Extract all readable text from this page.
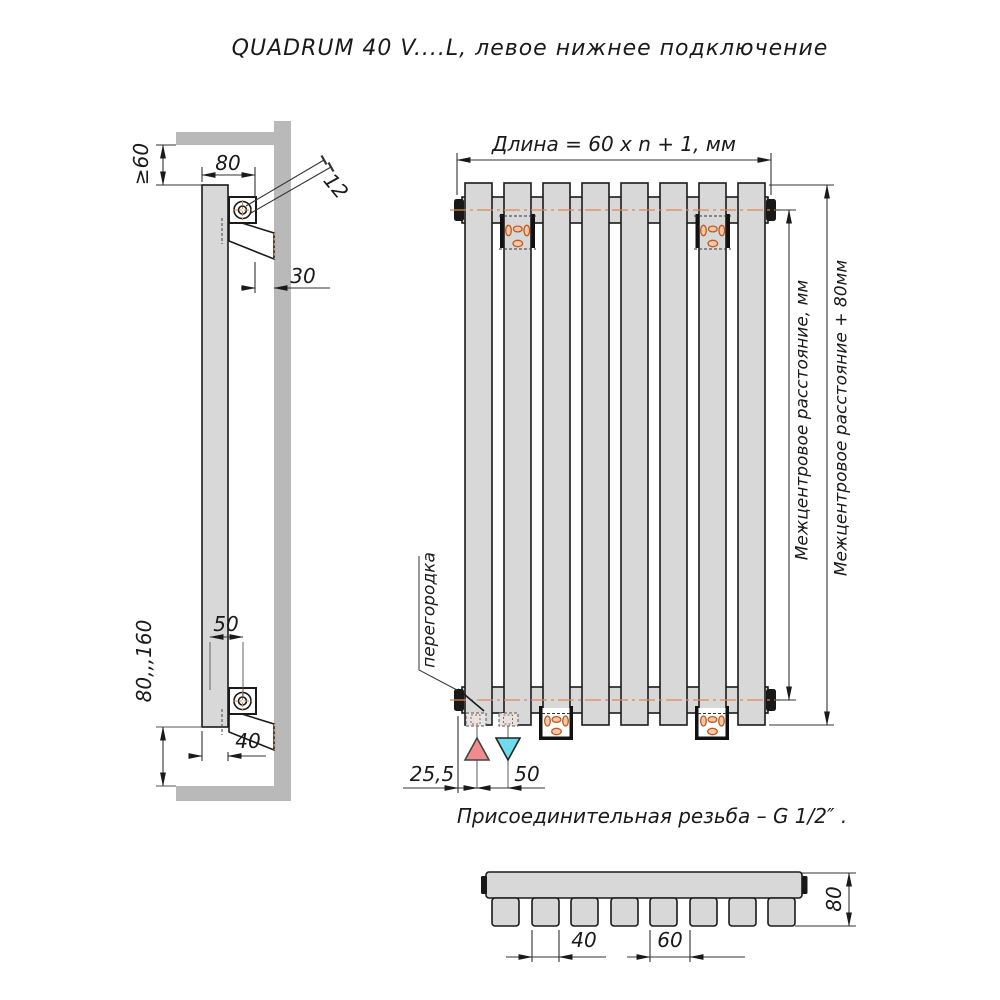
QUADRUM 40 V....L, левое нижнее подключение
≥60	80
12
30
50
40
80,,,160
Длина = 60 x n + 1, мм
Межцентровое расстояние, мм Межцентровое расстояние + 80мм
перегородка
25,5	50
Присоединительная резьба – G 1/2″ .
40	60
80
